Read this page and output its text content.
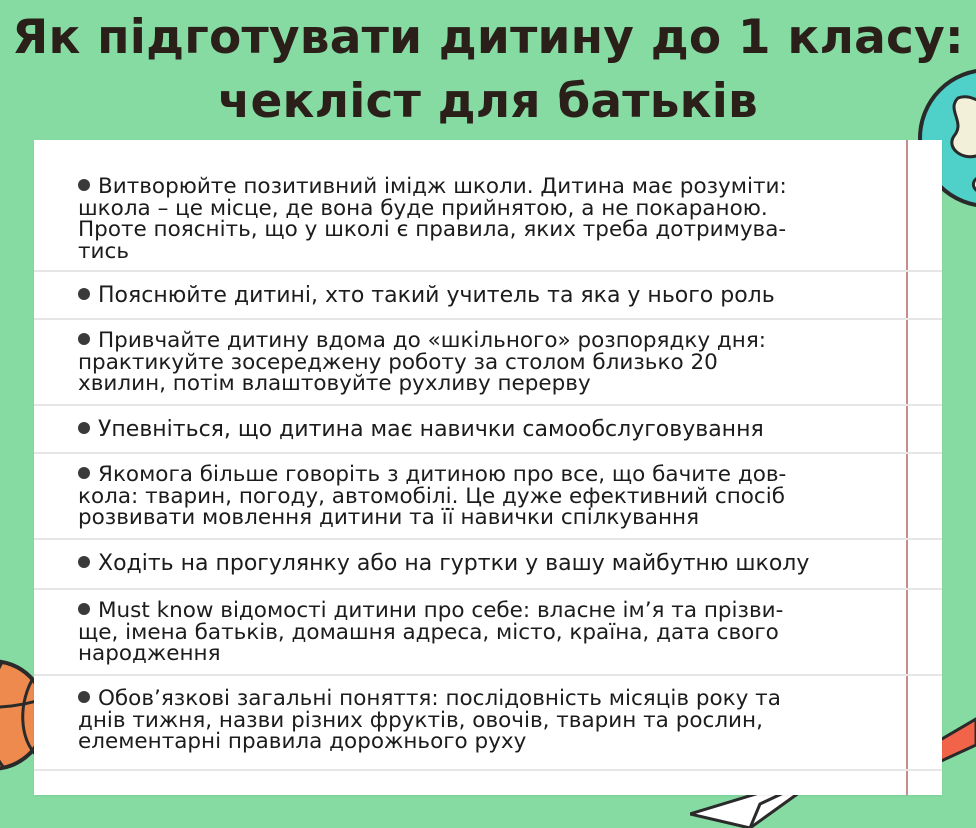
Як підготувати дитину до 1 класу:
чекліст для батьків
Витворюйте позитивний імідж школи. Дитина має розуміти:
школа – це місце, де вона буде прийнятою, а не покараною.
Проте поясніть, що у школі є правила, яких треба дотримува-
тись
Пояснюйте дитині, хто такий учитель та яка у нього роль
Привчайте дитину вдома до «шкільного» розпорядку дня:
практикуйте зосереджену роботу за столом близько 20
хвилин, потім влаштовуйте рухливу перерву
Упевніться, що дитина має навички самообслуговування
Якомога більше говоріть з дитиною про все, що бачите дов-
кола: тварин, погоду, автомобілі. Це дуже ефективний спосіб
розвивати мовлення дитини та її навички спілкування
Ходіть на прогулянку або на гуртки у вашу майбутню школу
Must know відомості дитини про себе: власне ім’я та прізви-
ще, імена батьків, домашня адреса, місто, країна, дата свого
народження
Обов’язкові загальні поняття: послідовність місяців року та
днів тижня, назви різних фруктів, овочів, тварин та рослин,
елементарні правила дорожнього руху
